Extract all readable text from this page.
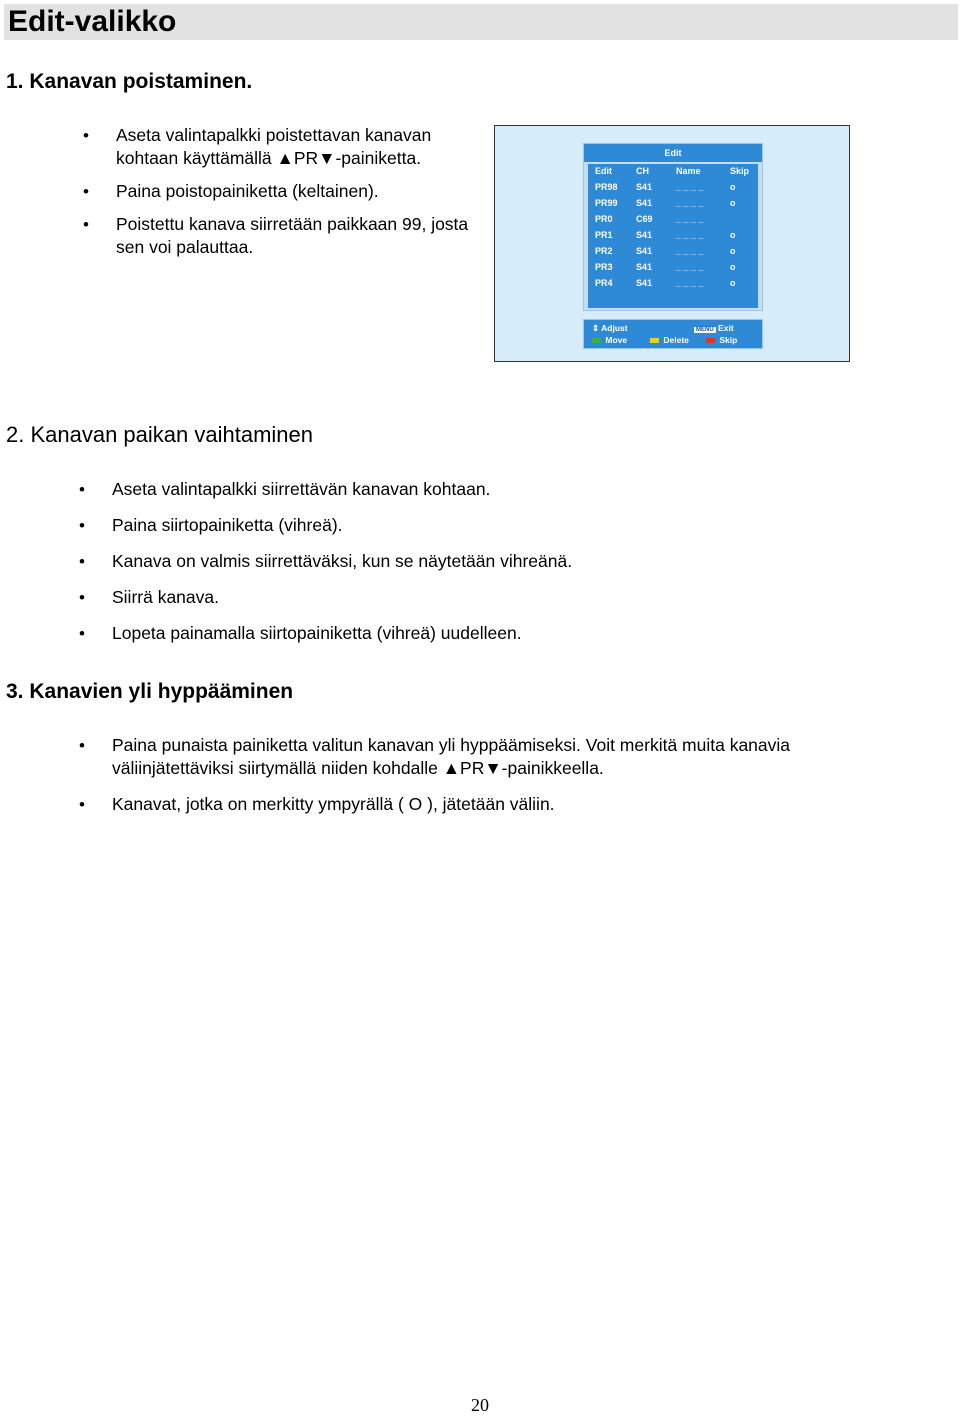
Edit-valikko
1. Kanavan poistaminen.
• Aseta valintapalkki poistettavan kanavan kohtaan käyttämällä ▲PR▼-painiketta.
• Paina poistopainiketta (keltainen).
• Poistettu kanava siirretään paikkaan 99, josta sen voi palauttaa.
Edit
Edit	CH	Name	Skip
PR98 S41	_ _ _ _	o
PR99 S41	_ _ _ _	o
PR0	C69	_ _ _ _
PR1	S41	_ _ _ _	o
PR2	S41	_ _ _ _	o
PR3	S41	_ _ _ _	o
PR4	S41	_ _ _ _	o
⇕ Adjust	MENU Exit
Move	Delete	Skip
2. Kanavan paikan vaihtaminen
• Aseta valintapalkki siirrettävän kanavan kohtaan.
• Paina siirtopainiketta (vihreä).
• Kanava on valmis siirrettäväksi, kun se näytetään vihreänä.
• Siirrä kanava.
• Lopeta painamalla siirtopainiketta (vihreä) uudelleen.
3. Kanavien yli hyppääminen
• Paina punaista painiketta valitun kanavan yli hyppäämiseksi. Voit merkitä muita kanavia väliinjätettäviksi siirtymällä niiden kohdalle ▲PR▼-painikkeella.
• Kanavat, jotka on merkitty ympyrällä ( O ), jätetään väliin.
20
